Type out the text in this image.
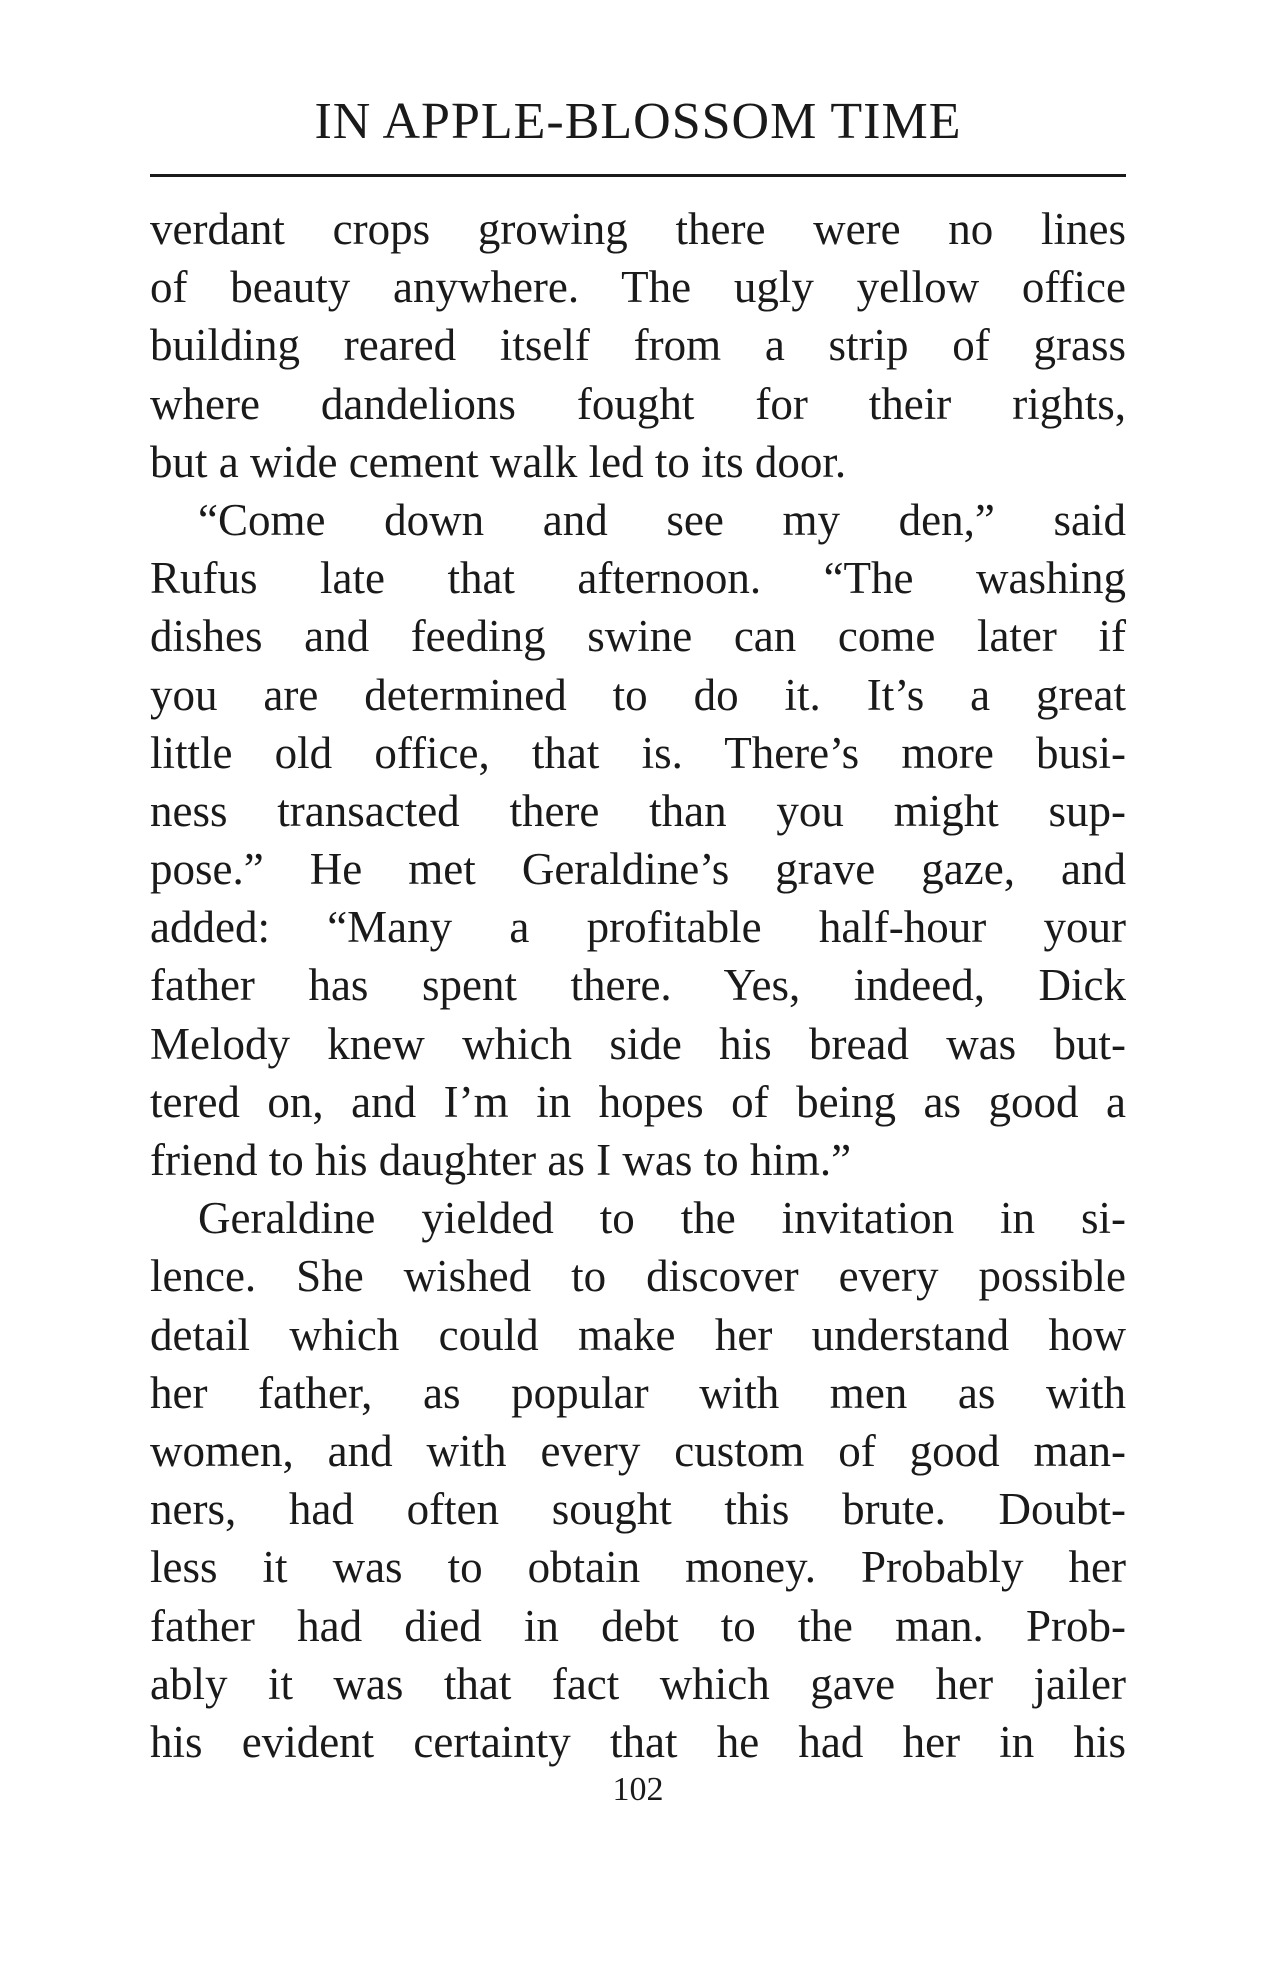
IN APPLE-BLOSSOM TIME
verdant crops growing there were no lines
of beauty anywhere. The ugly yellow office
building reared itself from a strip of grass
where dandelions fought for their rights,
but a wide cement walk led to its door.
“Come down and see my den,” said
Rufus late that afternoon. “The washing
dishes and feeding swine can come later if
you are determined to do it. It’s a great
little old office, that is. There’s more busi-
ness transacted there than you might sup-
pose.” He met Geraldine’s grave gaze, and
added: “Many a profitable half-hour your
father has spent there. Yes, indeed, Dick
Melody knew which side his bread was but-
tered on, and I’m in hopes of being as good a
friend to his daughter as I was to him.”
Geraldine yielded to the invitation in si-
lence. She wished to discover every possible
detail which could make her understand how
her father, as popular with men as with
women, and with every custom of good man-
ners, had often sought this brute. Doubt-
less it was to obtain money. Probably her
father had died in debt to the man. Prob-
ably it was that fact which gave her jailer
his evident certainty that he had her in his
102
